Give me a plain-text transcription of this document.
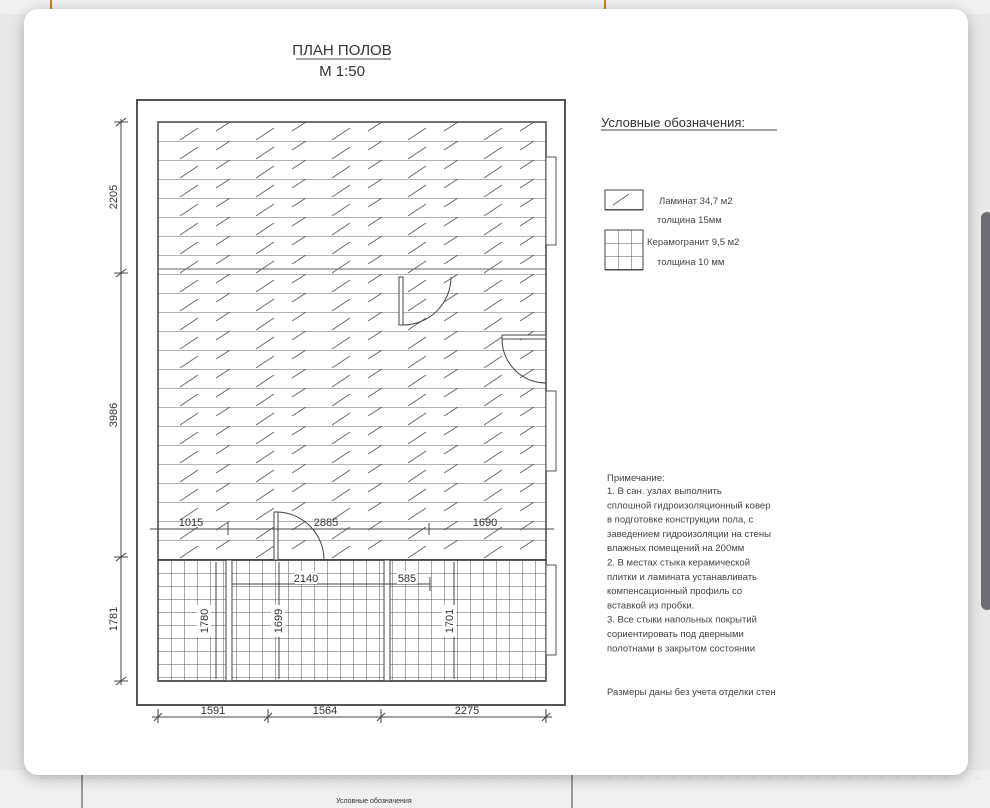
Условные обозначения
ПЛАН ПОЛОВ
М 1:50
2205
3986
1781
1015	2885	1690
2140	585
1780	1699	1701
1591	1564	2275
Условные обозначения:
Ламинат 34,7 м2
толщина 15мм
Керамогранит 9,5 м2
толщина 10 мм
Примечание:
1. В сан. узлах выполнить
сплошной гидроизоляционный ковер
в подготовке конструкции пола, с
заведением гидроизоляции на стены
влажных помещений на 200мм
2. В местах стыка керамической
плитки и ламината устанавливать
компенсационный профиль со
вставкой из пробки.
3. Все стыки напольных покрытий
сориентировать под дверными
полотнами в закрытом состоянии
Размеры даны без учета отделки стен
